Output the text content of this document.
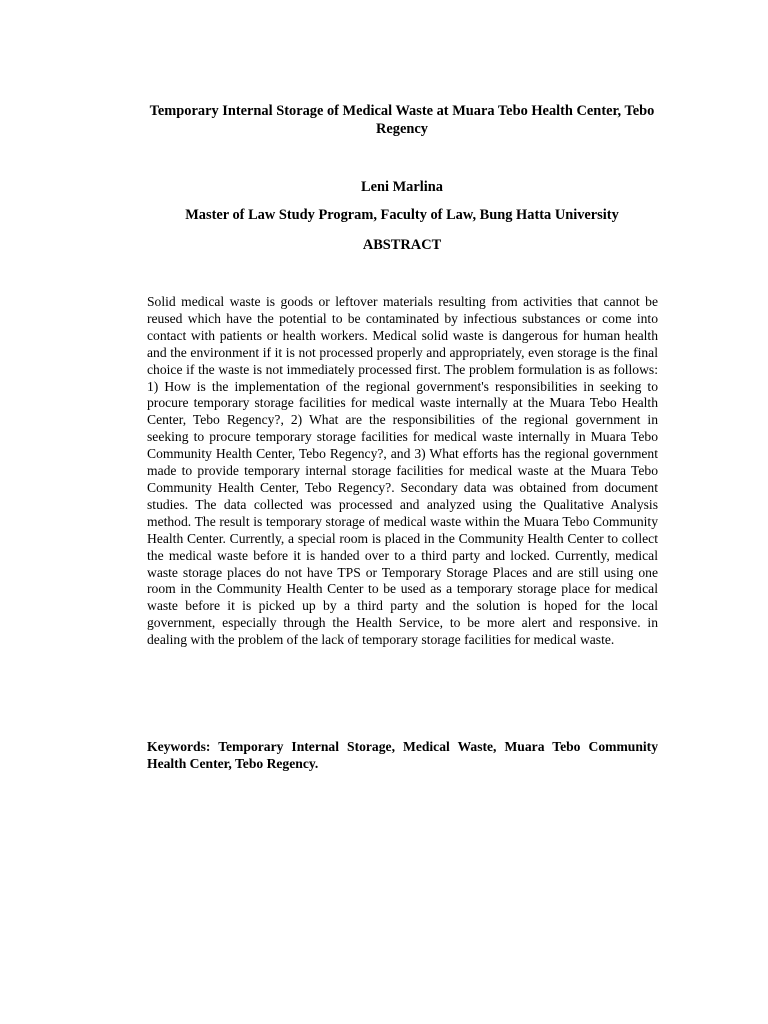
Temporary Internal Storage of Medical Waste at Muara Tebo Health Center, Tebo Regency
Leni Marlina
Master of Law Study Program, Faculty of Law, Bung Hatta University
ABSTRACT

Solid medical waste is goods or leftover materials resulting from activities that cannot be reused which have the potential to be contaminated by infectious substances or come into contact with patients or health workers. Medical solid waste is dangerous for human health and the environment if it is not processed properly and appropriately, even storage is the final choice if the waste is not immediately processed first. The problem formulation is as follows: 1) How is the implementation of the regional government's responsibilities in seeking to procure temporary storage facilities for medical waste internally at the Muara Tebo Health Center, Tebo Regency?, 2) What are the responsibilities of the regional government in seeking to procure temporary storage facilities for medical waste internally in Muara Tebo Community Health Center, Tebo Regency?, and 3) What efforts has the regional government made to provide temporary internal storage facilities for medical waste at the Muara Tebo Community Health Center, Tebo Regency?. Secondary data was obtained from document studies. The data collected was processed and analyzed using the Qualitative Analysis method. The result is temporary storage of medical waste within the Muara Tebo Community Health Center. Currently, a special room is placed in the Community Health Center to collect the medical waste before it is handed over to a third party and locked. Currently, medical waste storage places do not have TPS or Temporary Storage Places and are still using one room in the Community Health Center to be used as a temporary storage place for medical waste before it is picked up by a third party and the solution is hoped for the local government, especially through the Health Service, to be more alert and responsive. in dealing with the problem of the lack of temporary storage facilities for medical waste.

Keywords: Temporary Internal Storage, Medical Waste, Muara Tebo Community Health Center, Tebo Regency.
